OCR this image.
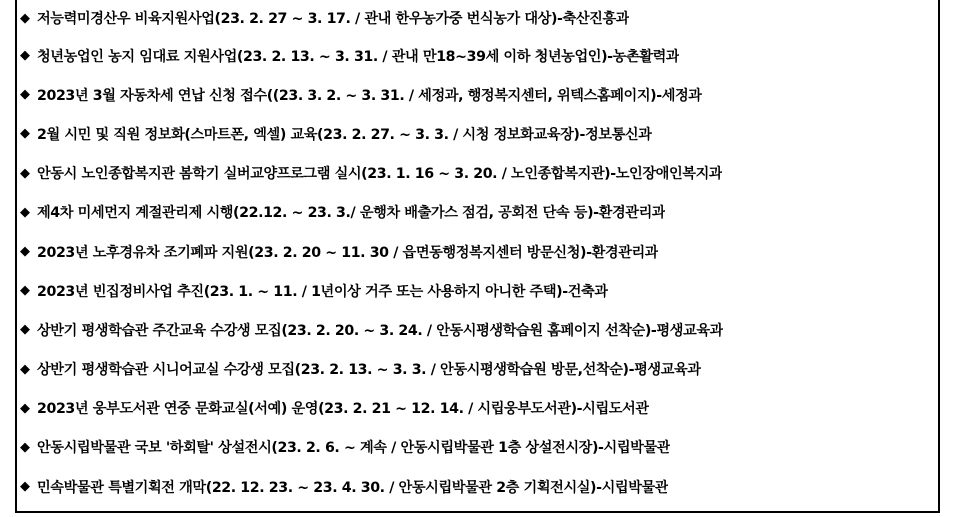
◆ 저능력미경산우 비육지원사업(23. 2. 27 ~ 3. 17. / 관내 한우농가중 번식농가 대상)-축산진흥과
◆ 청년농업인 농지 임대료 지원사업(23. 2. 13. ~ 3. 31. / 관내 만18~39세 이하 청년농업인)-농촌활력과
◆ 2023년 3월 자동차세 연납 신청 접수((23. 3. 2. ~ 3. 31. / 세정과, 행정복지센터, 위텍스홈페이지)-세정과
◆ 2월 시민 및 직원 정보화(스마트폰, 엑셀) 교육(23. 2. 27. ~ 3. 3. / 시청 정보화교육장)-정보통신과
◆ 안동시 노인종합복지관 봄학기 실버교양프로그램 실시(23. 1. 16 ~ 3. 20. / 노인종합복지관)-노인장애인복지과
◆ 제4차 미세먼지 계절관리제 시행(22.12. ~ 23. 3./ 운행차 배출가스 점검, 공회전 단속 등)-환경관리과
◆ 2023년 노후경유차 조기폐파 지원(23. 2. 20 ~ 11. 30 / 읍면동행정복지센터 방문신청)-환경관리과
◆ 2023년 빈집정비사업 추진(23. 1. ~ 11. / 1년이상 거주 또는 사용하지 아니한 주택)-건축과
◆ 상반기 평생학습관 주간교육 수강생 모집(23. 2. 20. ~ 3. 24. / 안동시평생학습원 홈페이지 선착순)-평생교육과
◆ 상반기 평생학습관 시니어교실 수강생 모집(23. 2. 13. ~ 3. 3. / 안동시평생학습원 방문,선착순)-평생교육과
◆ 2023년 웅부도서관 연중 문화교실(서예) 운영(23. 2. 21 ~ 12. 14. / 시립웅부도서관)-시립도서관
◆ 안동시립박물관 국보 '하회탈' 상설전시(23. 2. 6. ~ 계속 / 안동시립박물관 1층 상설전시장)-시립박물관
◆ 민속박물관 특별기획전 개막(22. 12. 23. ~ 23. 4. 30. / 안동시립박물관 2층 기획전시실)-시립박물관
